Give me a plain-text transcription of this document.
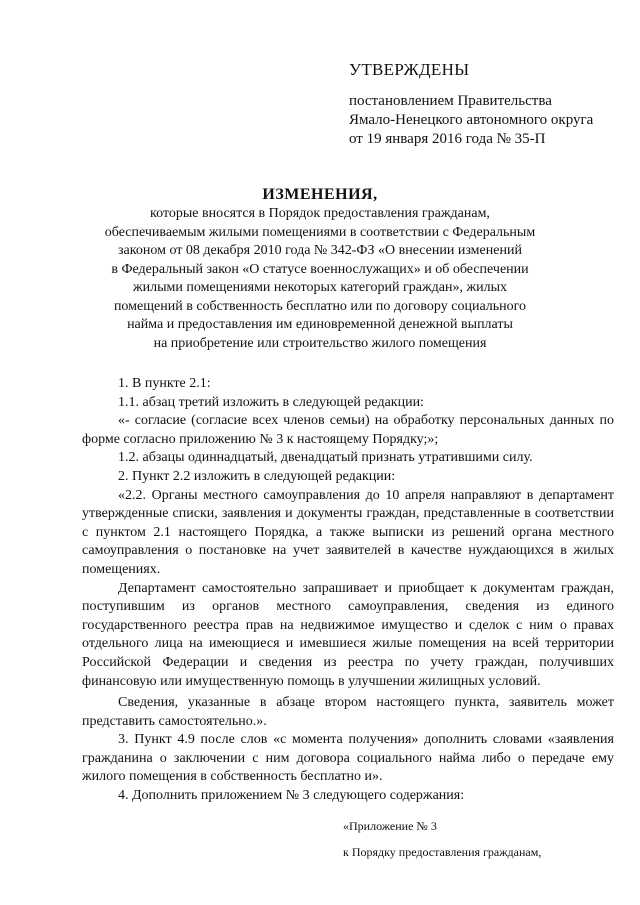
УТВЕРЖДЕНЫ
постановлением Правительства
Ямало-Ненецкого автономного округа
от 19 января 2016 года № 35-П
ИЗМЕНЕНИЯ,
которые вносятся в Порядок предоставления гражданам,
обеспечиваемым жилыми помещениями в соответствии с Федеральным
законом от 08 декабря 2010 года № 342-ФЗ «О внесении изменений
в Федеральный закон «О статусе военнослужащих» и об обеспечении
жилыми помещениями некоторых категорий граждан», жилых
помещений в собственность бесплатно или по договору социального
найма и предоставления им единовременной денежной выплаты
на приобретение или строительство жилого помещения

1. В пункте 2.1:

1.1. абзац третий изложить в следующей редакции:

«- согласие (согласие всех членов семьи) на обработку персональных данных по форме согласно приложению № 3 к настоящему Порядку;»;

1.2. абзацы одиннадцатый, двенадцатый признать утратившими силу.

2. Пункт 2.2 изложить в следующей редакции:

«2.2. Органы местного самоуправления до 10 апреля направляют в департамент утвержденные списки, заявления и документы граждан, представленные в соответствии с пунктом 2.1 настоящего Порядка, а также выписки из решений органа местного самоуправления о постановке на учет заявителей в качестве нуждающихся в жилых помещениях.

Департамент самостоятельно запрашивает и приобщает к документам граждан, поступившим из органов местного самоуправления, сведения из единого государственного реестра прав на недвижимое имущество и сделок с ним о правах отдельного лица на имеющиеся и имевшиеся жилые помещения на всей территории Российской Федерации и сведения из реестра по учету граждан, получивших финансовую или имущественную помощь в улучшении жилищных условий.

Сведения, указанные в абзаце втором настоящего пункта, заявитель может представить самостоятельно.».

3. Пункт 4.9 после слов «с момента получения» дополнить словами «заявления гражданина о заключении с ним договора социального найма либо о передаче ему жилого помещения в собственность бесплатно и».

4. Дополнить приложением № 3 следующего содержания:

«Приложение № 3
к Порядку предоставления гражданам,
